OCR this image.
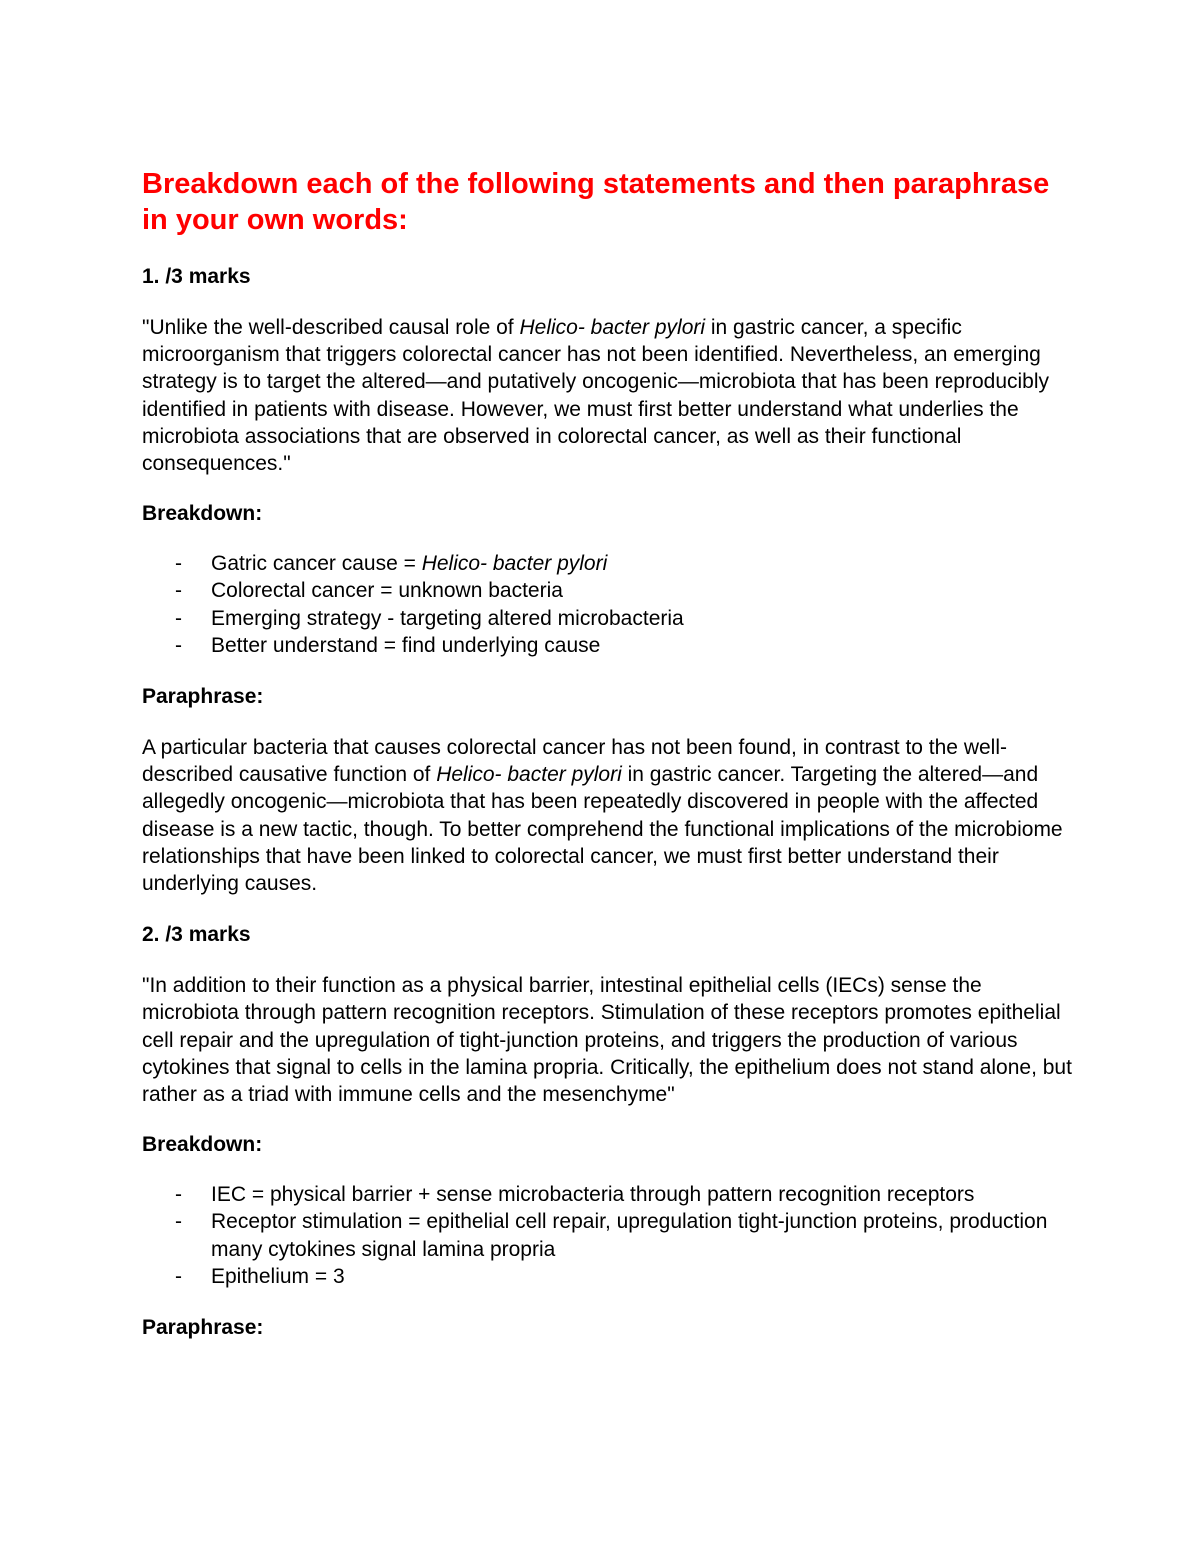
Breakdown each of the following statements and then paraphrase in your own words:

1. /3 marks

"Unlike the well-described causal role of Helico- bacter pylori in gastric cancer, a specific microorganism that triggers colorectal cancer has not been identified. Nevertheless, an emerging strategy is to target the altered—and putatively oncogenic—microbiota that has been reproducibly identified in patients with disease. However, we must first better understand what underlies the microbiota associations that are observed in colorectal cancer, as well as their functional consequences."

Breakdown:

- Gatric cancer cause = Helico- bacter pylori
- Colorectal cancer = unknown bacteria
- Emerging strategy - targeting altered microbacteria
- Better understand = find underlying cause

Paraphrase:

A particular bacteria that causes colorectal cancer has not been found, in contrast to the well-described causative function of Helico- bacter pylori in gastric cancer. Targeting the altered—and allegedly oncogenic—microbiota that has been repeatedly discovered in people with the affected disease is a new tactic, though. To better comprehend the functional implications of the microbiome relationships that have been linked to colorectal cancer, we must first better understand their underlying causes.

2. /3 marks

"In addition to their function as a physical barrier, intestinal epithelial cells (IECs) sense the microbiota through pattern recognition receptors. Stimulation of these receptors promotes epithelial cell repair and the upregulation of tight-junction proteins, and triggers the production of various cytokines that signal to cells in the lamina propria. Critically, the epithelium does not stand alone, but rather as a triad with immune cells and the mesenchyme"

Breakdown:

- IEC = physical barrier + sense microbacteria through pattern recognition receptors
- Receptor stimulation = epithelial cell repair, upregulation tight-junction proteins, production many cytokines signal lamina propria
- Epithelium = 3

Paraphrase:
